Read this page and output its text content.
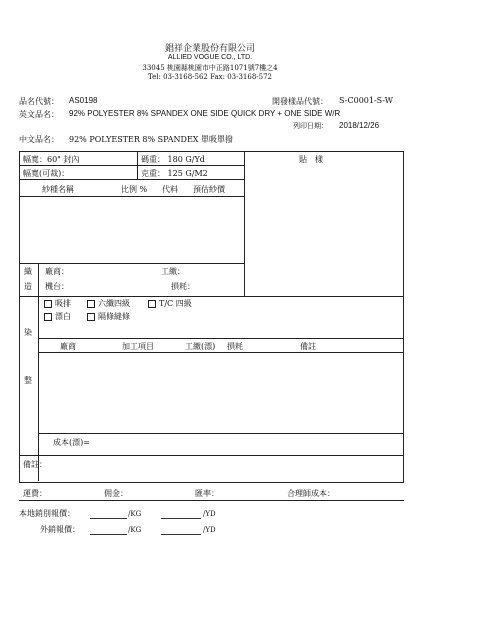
錩祥企業股份有限公司
ALLIED VOGUE CO., LTD.
33045 桃園縣桃園市中正路1071號7樓之4
Tel: 03-3168-562 Fax: 03-3168-572
品名代號： AS0198	開發樣品代號： S-C0001-S-W
英文品名： 92% POLYESTER 8% SPANDEX ONE SIDE QUICK DRY + ONE SIDE W/R
列印日期： 2018/12/26
中文品名： 92% POLYESTER 8% SPANDEX 單吸單撥
幅寬：60" 封內	碼重： 180 G/Yd	貼　樣
幅寬(可裁)：	克重： 125 G/M2
紗種名稱	比例 % 代料 預估紗價
織
造
廠商：	工繳：
機台：	損耗：
吸排	六纖四級	T/C 四級
漂白	隔條縫條
染
整
廠商	加工項目	工繳(漂) 損耗	備註
成本(漂)=
備註：
運費：	佣金：	匯率：	合理師成本：
本地銷別報價：	/KG	/YD
外銷報價：	/KG	/YD
